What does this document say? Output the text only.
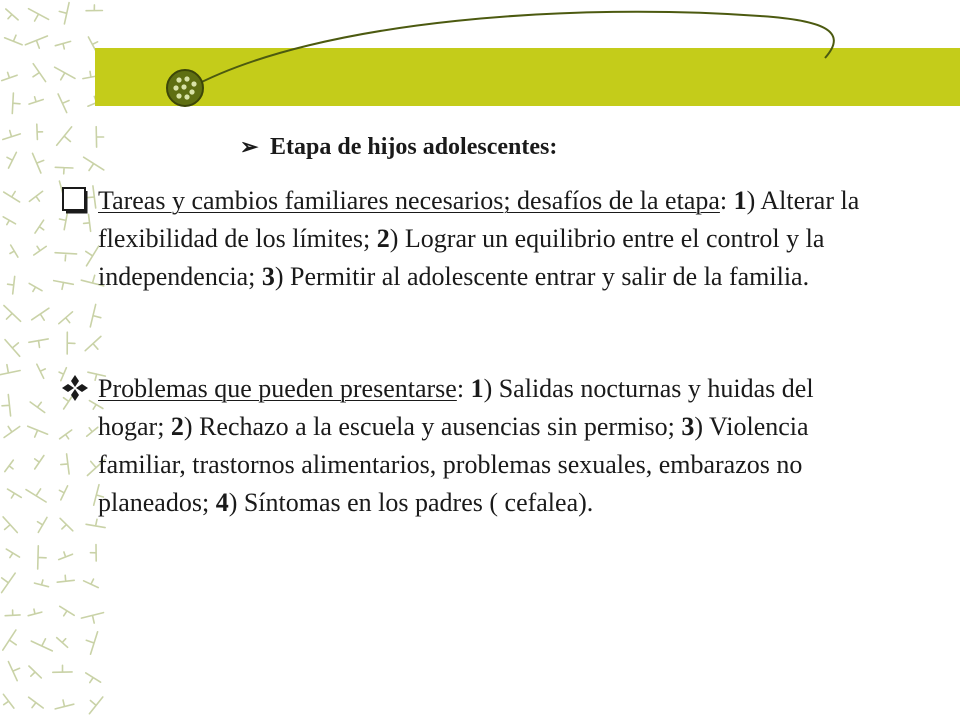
➢ Etapa de hijos adolescentes:
Tareas y cambios familiares necesarios; desafíos de la etapa: 1) Alterar la flexibilidad de los límites; 2) Lograr un equilibrio entre el control y la independencia; 3) Permitir al adolescente entrar y salir de la familia.
Problemas que pueden presentarse: 1) Salidas nocturnas y huidas del hogar; 2) Rechazo a la escuela y ausencias sin permiso; 3) Violencia familiar, trastornos alimentarios, problemas sexuales, embarazos no planeados; 4) Síntomas en los padres ( cefalea).
